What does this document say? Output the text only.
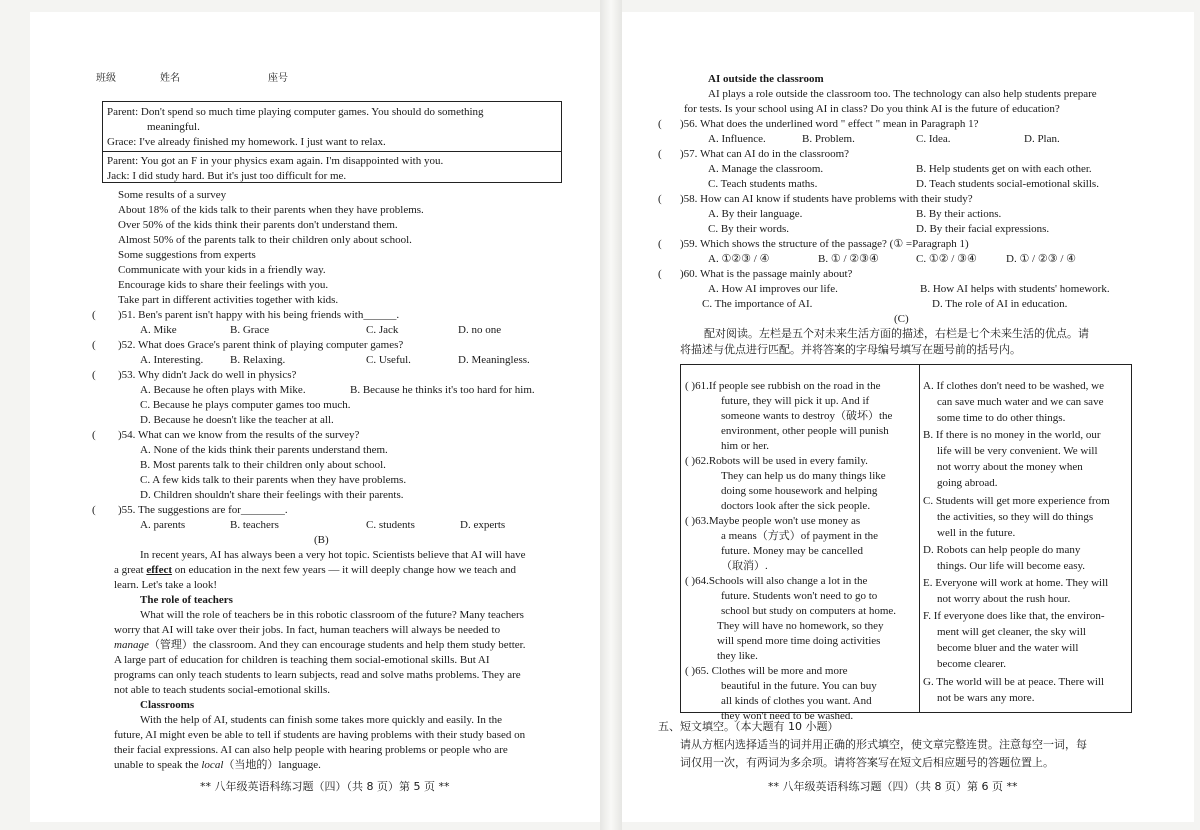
班级	姓名	座号
Parent: Don't spend so much time playing computer games. You should do something
meaningful.
Grace: I've already finished my homework. I just want to relax.
Parent: You got an F in your physics exam again. I'm disappointed with you.
Jack: I did study hard. But it's just too difficult for me.
Some results of a survey
About 18% of the kids talk to their parents when they have problems.
Over 50% of the kids think their parents don't understand them.
Almost 50% of the parents talk to their children only about school.
Some suggestions from experts
Communicate with your kids in a friendly way.
Encourage kids to share their feelings with you.
Take part in different activities together with kids.
( )51. Ben's parent isn't happy with his being friends with______.
A. Mike	B. Grace	C. Jack	D. no one
( )52. What does Grace's parent think of playing computer games?
A. Interesting. B. Relaxing.	C. Useful.	D. Meaningless.
( )53. Why didn't Jack do well in physics?
A. Because he often plays with Mike.	B. Because he thinks it's too hard for him.
C. Because he plays computer games too much.
D. Because he doesn't like the teacher at all.
( )54. What can we know from the results of the survey?
A. None of the kids think their parents understand them.
B. Most parents talk to their children only about school.
C. A few kids talk to their parents when they have problems.
D. Children shouldn't share their feelings with their parents.
( )55. The suggestions are for________.
A. parents	B. teachers	C. students	D. experts
(B)
In recent years, AI has always been a very hot topic. Scientists believe that AI will have
a great effect on education in the next few years — it will deeply change how we teach and
learn. Let's take a look!
The role of teachers
What will the role of teachers be in this robotic classroom of the future? Many teachers
worry that AI will take over their jobs. In fact, human teachers will always be needed to
manage（管理）the classroom. And they can encourage students and help them study better.
A large part of education for children is teaching them social-emotional skills. But AI
programs can only teach students to learn subjects, read and solve maths problems. They are
not able to teach students social-emotional skills.
Classrooms
With the help of AI, students can finish some takes more quickly and easily. In the
future, AI might even be able to tell if students are having problems with their study based on
their facial expressions. AI can also help people with hearing problems or people who are
unable to speak the local（当地的）language.
** 八年级英语科练习题（四）（共 8 页）第 5 页 **
AI outside the classroom
AI plays a role outside the classroom too. The technology can also help students prepare
for tests. Is your school using AI in class? Do you think AI is the future of education?
( )56. What does the underlined word " effect " mean in Paragraph 1?
A. Influence.	B. Problem.	C. Idea.	D. Plan.
( )57. What can AI do in the classroom?
A. Manage the classroom.	B. Help students get on with each other.
C. Teach students maths.	D. Teach students social-emotional skills.
( )58. How can AI know if students have problems with their study?
A. By their language.	B. By their actions.
C. By their words.	D. By their facial expressions.
( )59. Which shows the structure of the passage? (① =Paragraph 1)
A. ①②③ / ④	B. ① / ②③④	C. ①② / ③④	D. ① / ②③ / ④
( )60. What is the passage mainly about?
A. How AI improves our life.	B. How AI helps with students' homework.
C. The importance of AI.	D. The role of AI in education.
(C)
配对阅读。左栏是五个对未来生活方面的描述，右栏是七个未来生活的优点。请
将描述与优点进行匹配。并将答案的字母编号填写在题号前的括号内。
( )61.If people see rubbish on the road in the
future, they will pick it up. And if
someone wants to destroy（破坏）the
environment, other people will punish
him or her.
( )62.Robots will be used in every family.
They can help us do many things like
doing some housework and helping
doctors look after the sick people.
( )63.Maybe people won't use money as
a means（方式）of payment in the
future. Money may be cancelled
（取消）.
( )64.Schools will also change a lot in the
future. Students won't need to go to
school but study on computers at home.
They will have no homework, so they
will spend more time doing activities
they like.
( )65. Clothes will be more and more
beautiful in the future. You can buy
all kinds of clothes you want. And
they won't need to be washed.
A. If clothes don't need to be washed, we
can save much water and we can save
some time to do other things.
B. If there is no money in the world, our
life will be very convenient. We will
not worry about the money when
going abroad.
C. Students will get more experience from
the activities, so they will do things
well in the future.
D. Robots can help people do many
things. Our life will become easy.
E. Everyone will work at home. They will
not worry about the rush hour.
F. If everyone does like that, the environ-
ment will get cleaner, the sky will
become bluer and the water will
become clearer.
G. The world will be at peace. There will
not be wars any more.
五、短文填空。（本大题有 10 小题）
请从方框内选择适当的词并用正确的形式填空，使文章完整连贯。注意每空一词，每
词仅用一次，有两词为多余项。请将答案写在短文后相应题号的答题位置上。
** 八年级英语科练习题（四）（共 8 页）第 6 页 **
